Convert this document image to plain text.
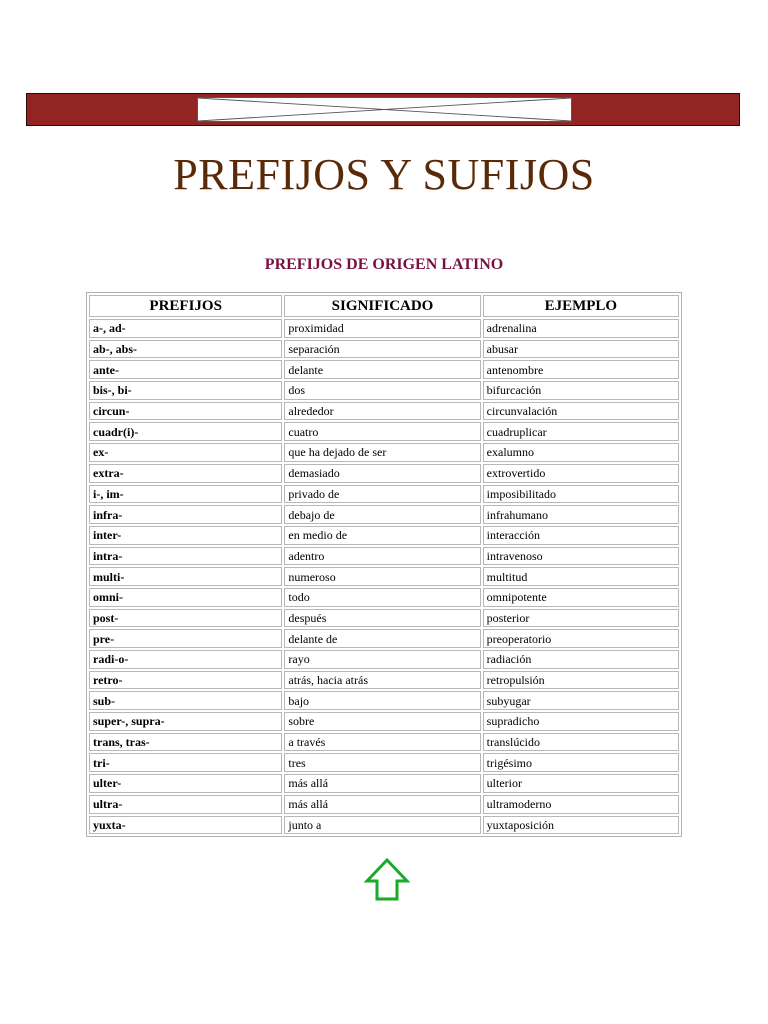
PREFIJOS Y SUFIJOS
PREFIJOS DE ORIGEN LATINO
PREFIJOS	SIGNIFICADO	EJEMPLO
a-, ad-	proximidad	adrenalina
ab-, abs-	separación	abusar
ante-	delante	antenombre
bis-, bi-	dos	bifurcación
circun-	alrededor	circunvalación
cuadr(i)-	cuatro	cuadruplicar
ex-	que ha dejado de ser	exalumno
extra-	demasiado	extrovertido
i-, im-	privado de	imposibilitado
infra-	debajo de	infrahumano
inter-	en medio de	interacción
intra-	adentro	intravenoso
multi-	numeroso	multitud
omni-	todo	omnipotente
post-	después	posterior
pre-	delante de	preoperatorio
radi-o-	rayo	radiación
retro-	atrás, hacia atrás	retropulsión
sub-	bajo	subyugar
super-, supra-	sobre	supradicho
trans, tras-	a través	translúcido
tri-	tres	trigésimo
ulter-	más allá	ulterior
ultra-	más allá	ultramoderno
yuxta-	junto a	yuxtaposición
